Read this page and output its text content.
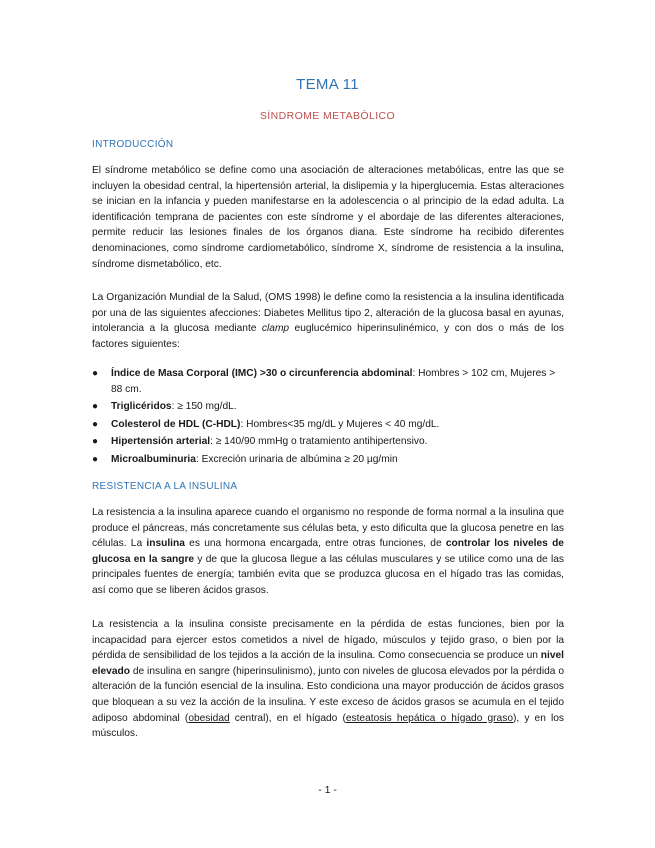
TEMA 11
SÍNDROME METABÓLICO
INTRODUCCIÓN

El síndrome metabólico se define como una asociación de alteraciones metabólicas, entre las que se incluyen la obesidad central, la hipertensión arterial, la dislipemia y la hiperglucemia. Estas alteraciones se inician en la infancia y pueden manifestarse en la adolescencia o al principio de la edad adulta. La identificación temprana de pacientes con este síndrome y el abordaje de las diferentes alteraciones, permite reducir las lesiones finales de los órganos diana. Este síndrome ha recibido diferentes denominaciones, como síndrome cardiometabólico, síndrome X, síndrome de resistencia a la insulina, síndrome dismetabólico, etc.

La Organización Mundial de la Salud, (OMS 1998) le define como la resistencia a la insulina identificada por una de las siguientes afecciones: Diabetes Mellitus tipo 2, alteración de la glucosa basal en ayunas, intolerancia a la glucosa mediante clamp euglucémico hiperinsulinémico, y con dos o más de los factores siguientes:

● Índice de Masa Corporal (IMC) >30 o circunferencia abdominal: Hombres > 102 cm, Mujeres > 88 cm.
● Triglicéridos: ≥ 150 mg/dL.
● Colesterol de HDL (C-HDL): Hombres<35 mg/dL y Mujeres < 40 mg/dL.
● Hipertensión arterial: ≥ 140/90 mmHg o tratamiento antihipertensivo.
● Microalbuminuria: Excreción urinaria de albúmina ≥ 20 µg/min
RESISTENCIA A LA INSULINA

La resistencia a la insulina aparece cuando el organismo no responde de forma normal a la insulina que produce el páncreas, más concretamente sus células beta, y esto dificulta que la glucosa penetre en las células. La insulina es una hormona encargada, entre otras funciones, de controlar los niveles de glucosa en la sangre y de que la glucosa llegue a las células musculares y se utilice como una de las principales fuentes de energía; también evita que se produzca glucosa en el hígado tras las comidas, así como que se liberen ácidos grasos.

La resistencia a la insulina consiste precisamente en la pérdida de estas funciones, bien por la incapacidad para ejercer estos cometidos a nivel de hígado, músculos y tejido graso, o bien por la pérdida de sensibilidad de los tejidos a la acción de la insulina. Como consecuencia se produce un nivel elevado de insulina en sangre (hiperinsulinismo), junto con niveles de glucosa elevados por la pérdida o alteración de la función esencial de la insulina. Esto condiciona una mayor producción de ácidos grasos que bloquean a su vez la acción de la insulina. Y este exceso de ácidos grasos se acumula en el tejido adiposo abdominal (obesidad central), en el hígado (esteatosis hepática o hígado graso), y en los músculos.

- 1 -
